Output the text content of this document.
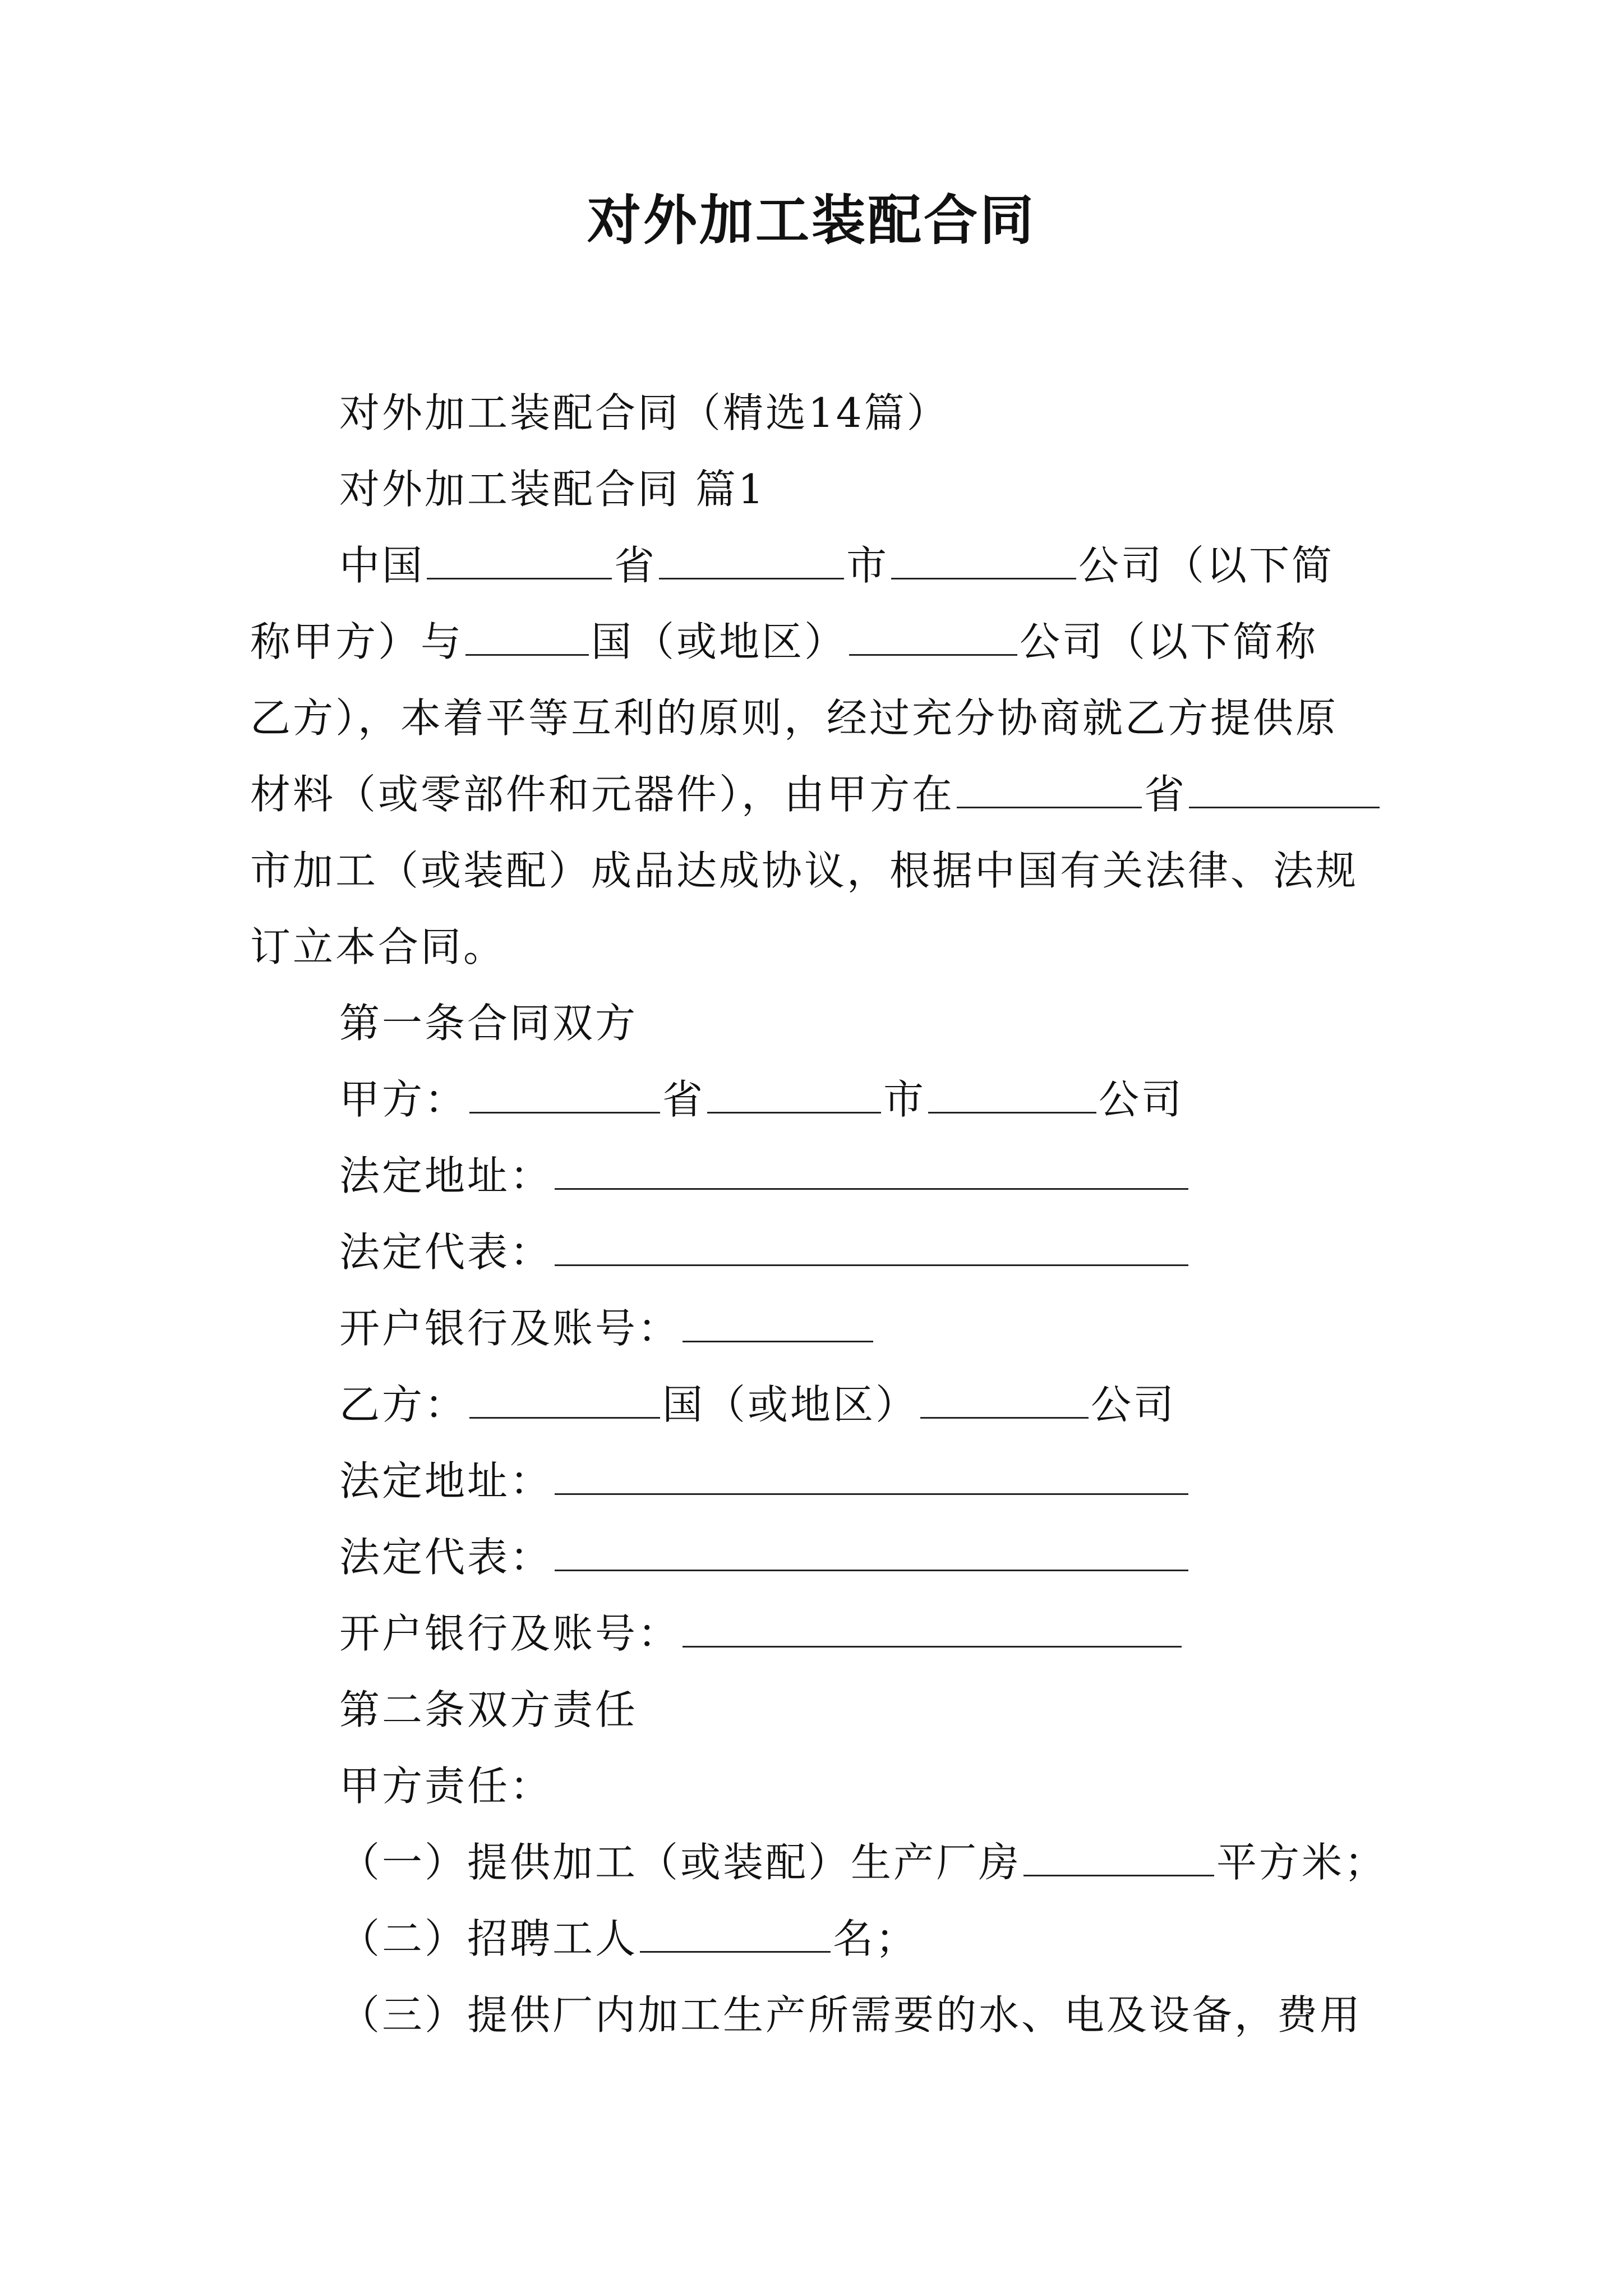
对外加工装配合同
对外加工装配合同（精选14篇）
对外加工装配合同 篇1
中国	省	市	公司（以下简
称甲方）与	国（或地区）	公司（以下简称
乙方），本着平等互利的原则，经过充分协商就乙方提供原
材料（或零部件和元器件），由甲方在	省
市加工（或装配）成品达成协议，根据中国有关法律、法规
订立本合同。
第一条合同双方
甲方：	省	市	公司
法定地址：
法定代表：
开户银行及账号：
乙方：	国（或地区）	公司
法定地址：
法定代表：
开户银行及账号：
第二条双方责任
甲方责任：
（一）提供加工（或装配）生产厂房	平方米；
（二）招聘工人	名；
（三）提供厂内加工生产所需要的水、电及设备，费用
